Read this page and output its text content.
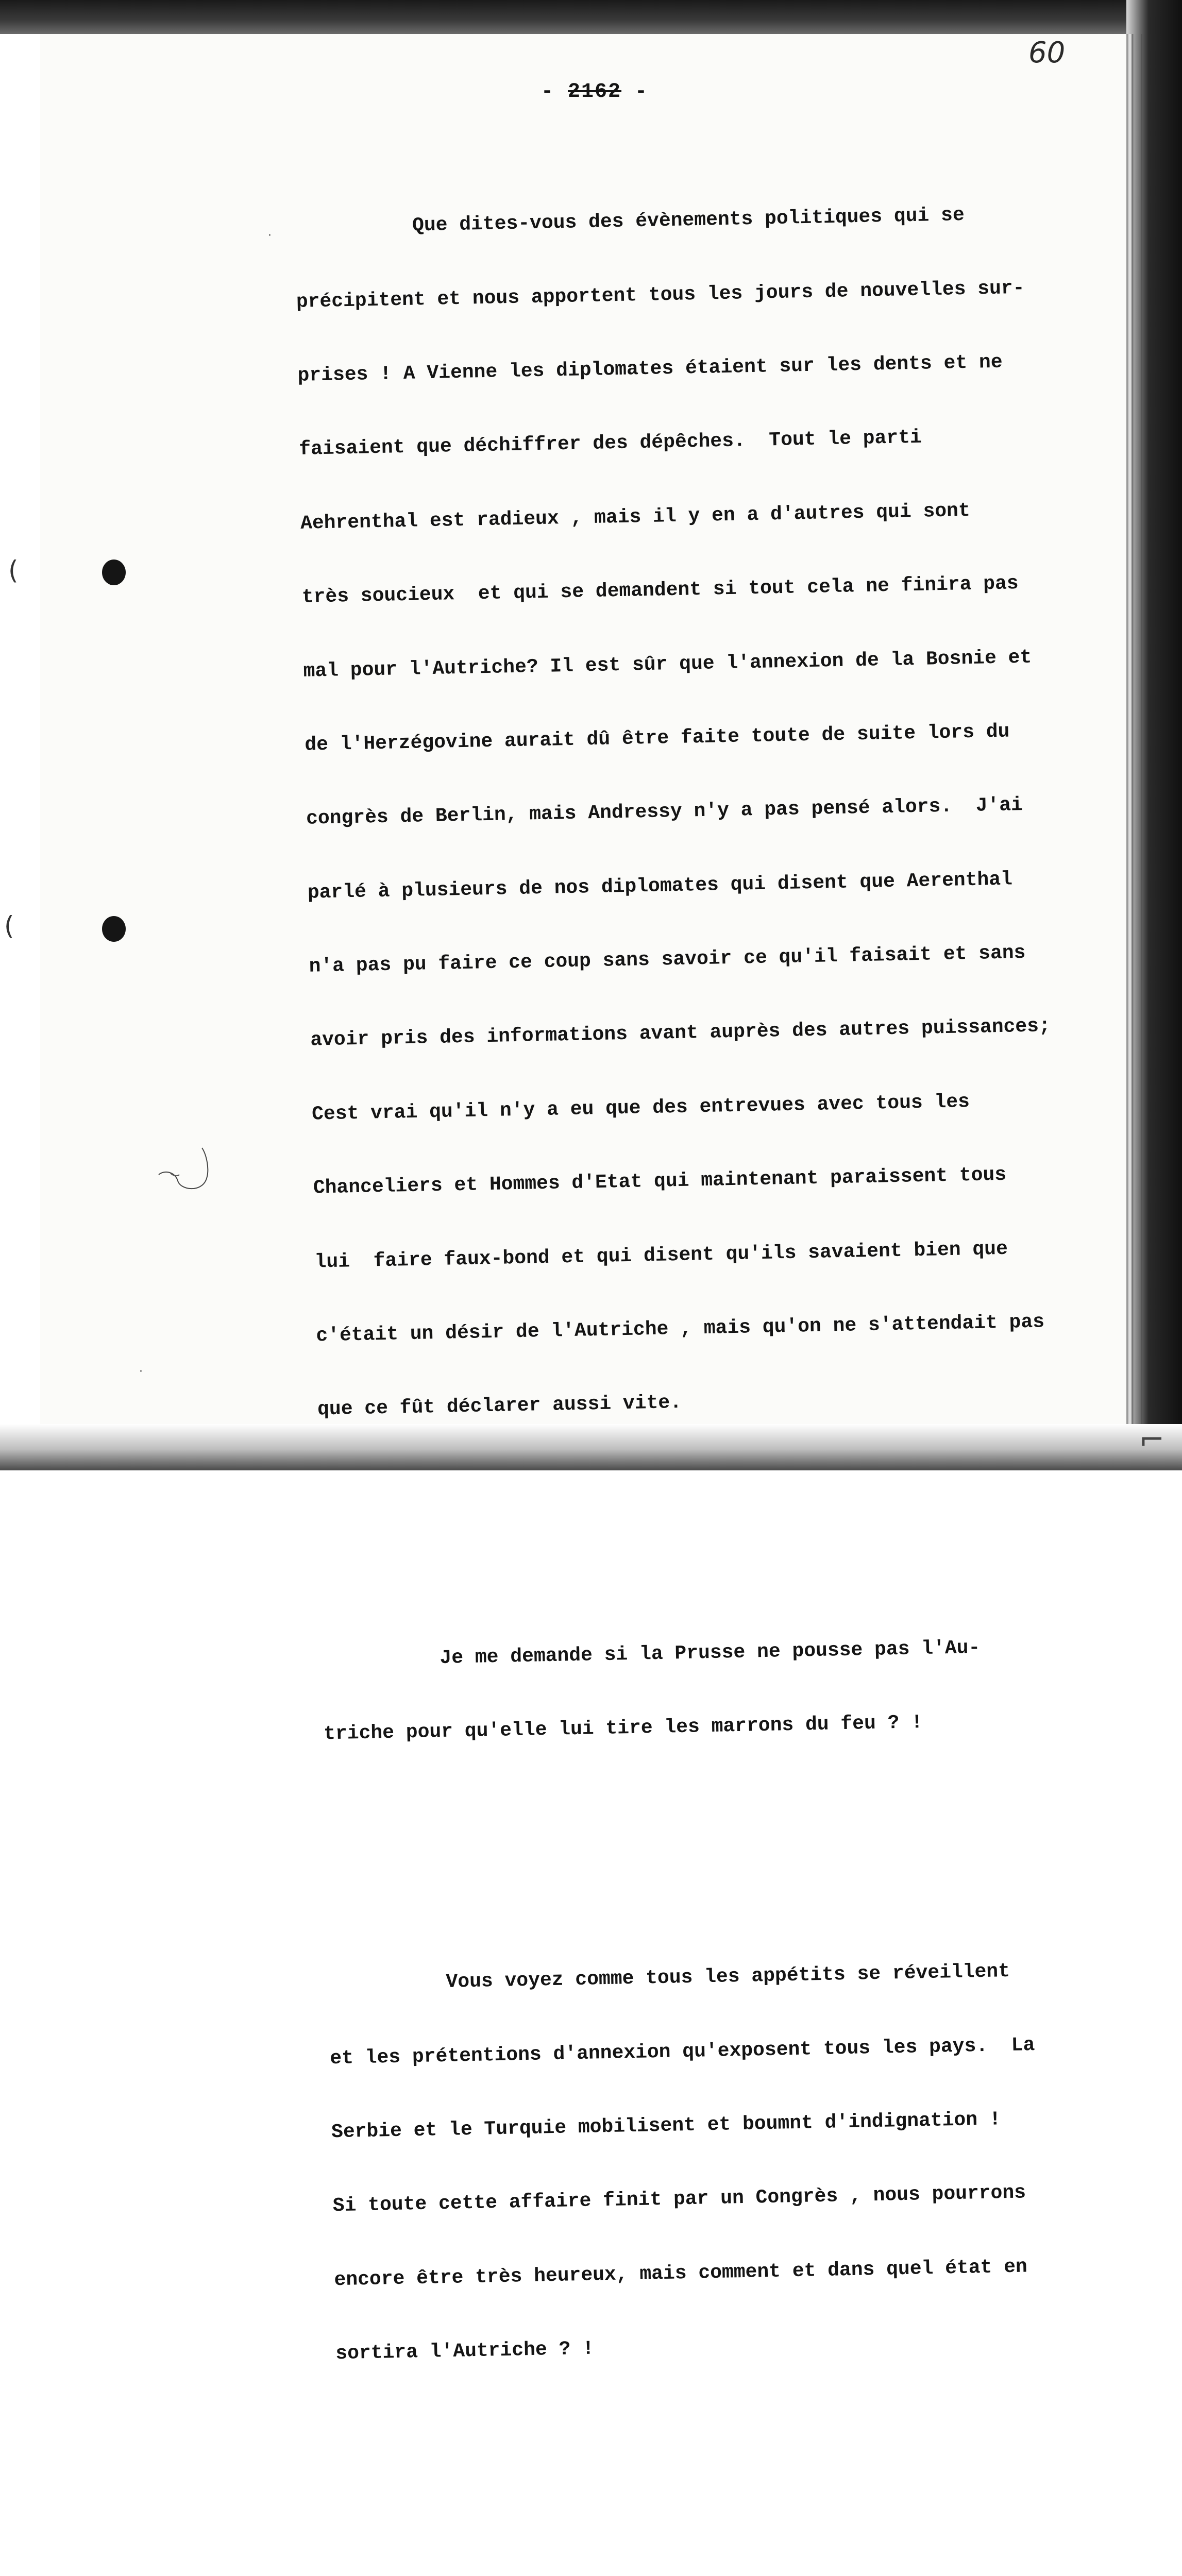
(
(
·
·
⌐
60
- 2162 -

Que dites-vous des évènements politiques qui se

précipitent et nous apportent tous les jours de nouvelles sur-

prises ! A Vienne les diplomates étaient sur les dents et ne

faisaient que déchiffrer des dépêches.  Tout le parti

Aehrenthal est radieux , mais il y en a d'autres qui sont

très soucieux  et qui se demandent si tout cela ne finira pas

mal pour l'Autriche? Il est sûr que l'annexion de la Bosnie et

de l'Herzégovine aurait dû être faite toute de suite lors du

congrès de Berlin, mais Andressy n'y a pas pensé alors.  J'ai

parlé à plusieurs de nos diplomates qui disent que Aerenthal

n'a pas pu faire ce coup sans savoir ce qu'il faisait et sans

avoir pris des informations avant auprès des autres puissances;

Cest vrai qu'il n'y a eu que des entrevues avec tous les

Chanceliers et Hommes d'Etat qui maintenant paraissent tous

lui  faire faux-bond et qui disent qu'ils savaient bien que

c'était un désir de l'Autriche , mais qu'on ne s'attendait pas

que ce fût déclarer aussi vite.

Je me demande si la Prusse ne pousse pas l'Au-

triche pour qu'elle lui tire les marrons du feu ? !

Vous voyez comme tous les appétits se réveillent

et les prétentions d'annexion qu'exposent tous les pays.  La

Serbie et le Turquie mobilisent et boumnt d'indignation !

Si toute cette affaire finit par un Congrès , nous pourrons

encore être très heureux, mais comment et dans quel état en

sortira l'Autriche ? !
